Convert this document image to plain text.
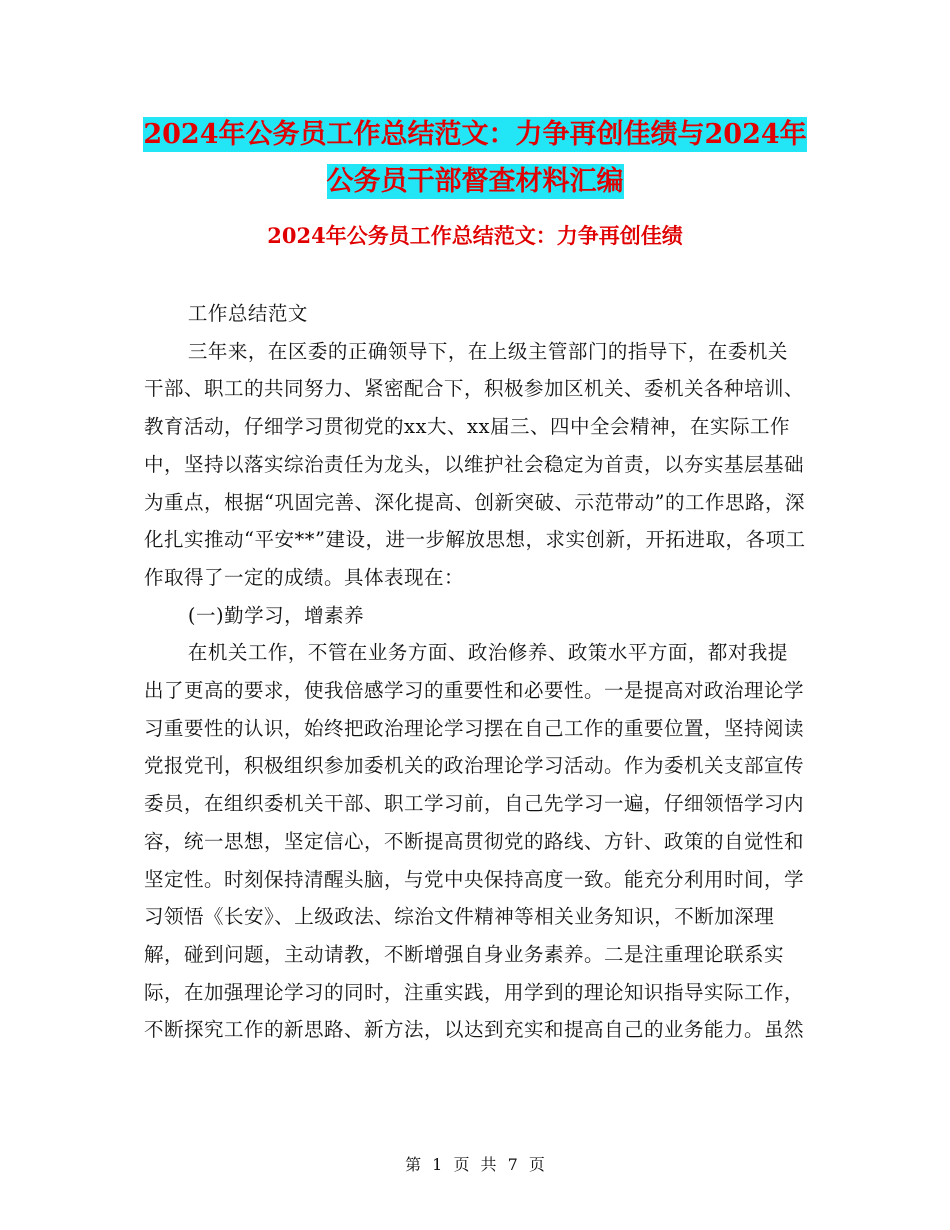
2024年公务员工作总结范文：力争再创佳绩与2024年
公务员干部督查材料汇编
2024年公务员工作总结范文：力争再创佳绩

工作总结范文

三年来，在区委的正确领导下，在上级主管部门的指导下，在委机关干部、职工的共同努力、紧密配合下，积极参加区机关、委机关各种培训、教育活动，仔细学习贯彻党的xx大、xx届三、四中全会精神，在实际工作中，坚持以落实综治责任为龙头，以维护社会稳定为首责，以夯实基层基础为重点，根据“巩固完善、深化提高、创新突破、示范带动”的工作思路，深化扎实推动“平安**”建设，进一步解放思想，求实创新，开拓进取，各项工作取得了一定的成绩。具体表现在：

(一)勤学习，增素养

在机关工作，不管在业务方面、政治修养、政策水平方面，都对我提出了更高的要求，使我倍感学习的重要性和必要性。一是提高对政治理论学习重要性的认识，始终把政治理论学习摆在自己工作的重要位置，坚持阅读党报党刊，积极组织参加委机关的政治理论学习活动。作为委机关支部宣传委员，在组织委机关干部、职工学习前，自己先学习一遍，仔细领悟学习内容，统一思想，坚定信心，不断提高贯彻党的路线、方针、政策的自觉性和坚定性。时刻保持清醒头脑，与党中央保持高度一致。能充分利用时间，学习领悟《长安》、上级政法、综治文件精神等相关业务知识，不断加深理解，碰到问题，主动请教，不断增强自身业务素养。二是注重理论联系实际，在加强理论学习的同时，注重实践，用学到的理论知识指导实际工作，不断探究工作的新思路、新方法，以达到充实和提高自己的业务能力。虽然

第 1 页 共 7 页
